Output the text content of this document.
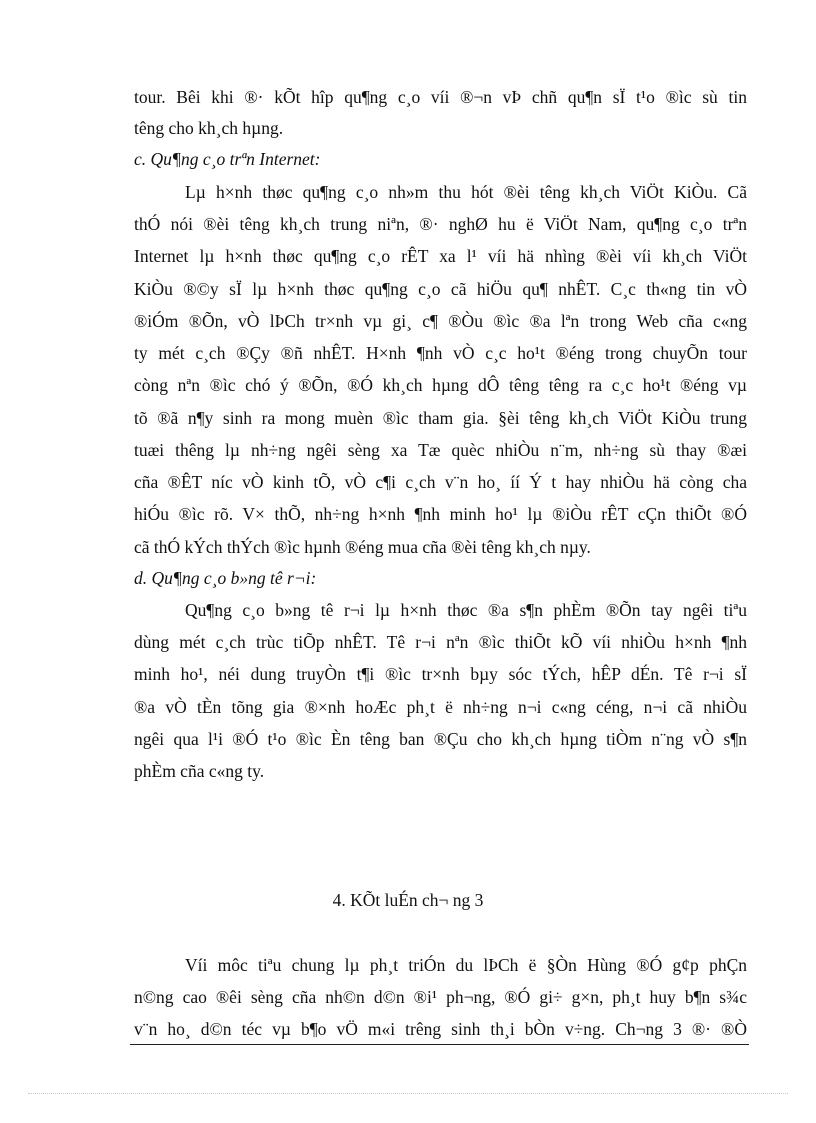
tour. Bêi khi ®· kÕt hîp qu¶ng c¸o víi ®¬n vÞ chñ qu¶n sÏ t¹o ®ìc sù tin
têng cho kh¸ch hµng.
c. Qu¶ng c¸o trªn Internet:
Lµ h×nh thøc qu¶ng c¸o nh»m thu hót ®èi têng kh¸ch ViÖt KiÒu. Cã
thÓ nói ®èi têng kh¸ch trung niªn, ®· nghØ hu ë ViÖt Nam, qu¶ng c¸o trªn
Internet lµ h×nh thøc qu¶ng c¸o rÊT xa l¹ víi hä nhìng ®èi víi kh¸ch ViÖt
KiÒu ®©y sÏ lµ h×nh thøc qu¶ng c¸o cã hiÖu qu¶ nhÊT. C¸c th«ng tin vÒ
®iÓm ®Õn, vÒ lÞCh tr×nh vµ gi¸ c¶ ®Òu ®ìc ®a lªn trong Web cña c«ng
ty mét c¸ch ®Çy ®ñ nhÊT. H×nh ¶nh vÒ c¸c ho¹t ®éng trong chuyÕn tour
còng nªn ®ìc chó ý ®Õn, ®Ó kh¸ch hµng dÔ têng têng ra c¸c ho¹t ®éng vµ
tõ ®ã n¶y sinh ra mong muèn ®ìc tham gia. §èi têng kh¸ch ViÖt KiÒu trung
tuæi thêng lµ nh÷ng ngêi sèng xa Tæ quèc nhiÒu n¨m, nh÷ng sù thay ®æi
cña ®ÊT níc vÒ kinh tÕ, vÒ c¶i c¸ch v¨n ho¸ íí Ý t hay nhiÒu hä còng cha
hiÓu ®ìc rõ. V× thÕ, nh÷ng h×nh ¶nh minh ho¹ lµ ®iÒu rÊT cÇn thiÕt ®Ó
cã thÓ kÝch thÝch ®ìc hµnh ®éng mua cña ®èi têng kh¸ch nµy.
d. Qu¶ng c¸o b»ng tê r¬i:
Qu¶ng c¸o b»ng tê r¬i lµ h×nh thøc ®a s¶n phÈm ®Õn tay ngêi tiªu
dùng mét c¸ch trùc tiÕp nhÊT. Tê r¬i nªn ®ìc thiÕt kÕ víi nhiÒu h×nh ¶nh
minh ho¹, néi dung truyÒn t¶i ®ìc tr×nh bµy sóc tÝch, hÊP dÉn. Tê r¬i sÏ
®a vÒ tÈn tõng gia ®×nh hoÆc ph¸t ë nh÷ng n¬i c«ng céng, n¬i cã nhiÒu
ngêi qua l¹i ®Ó t¹o ®ìc Èn têng ban ®Çu cho kh¸ch hµng tiÒm n¨ng vÒ s¶n
phÈm cña c«ng ty.
4. KÕt luÉn ch¬ ng 3
Víi môc tiªu chung lµ ph¸t triÓn du lÞCh ë §Òn Hùng ®Ó g¢p phÇn
n©ng cao ®êi sèng cña nh©n d©n ®i¹ ph¬ng, ®Ó gi÷ g×n, ph¸t huy b¶n s¾c
v¨n ho¸ d©n téc vµ b¶o vÖ m«i trêng sinh th¸i bÒn v÷ng. Ch¬ng 3 ®· ®Ò
